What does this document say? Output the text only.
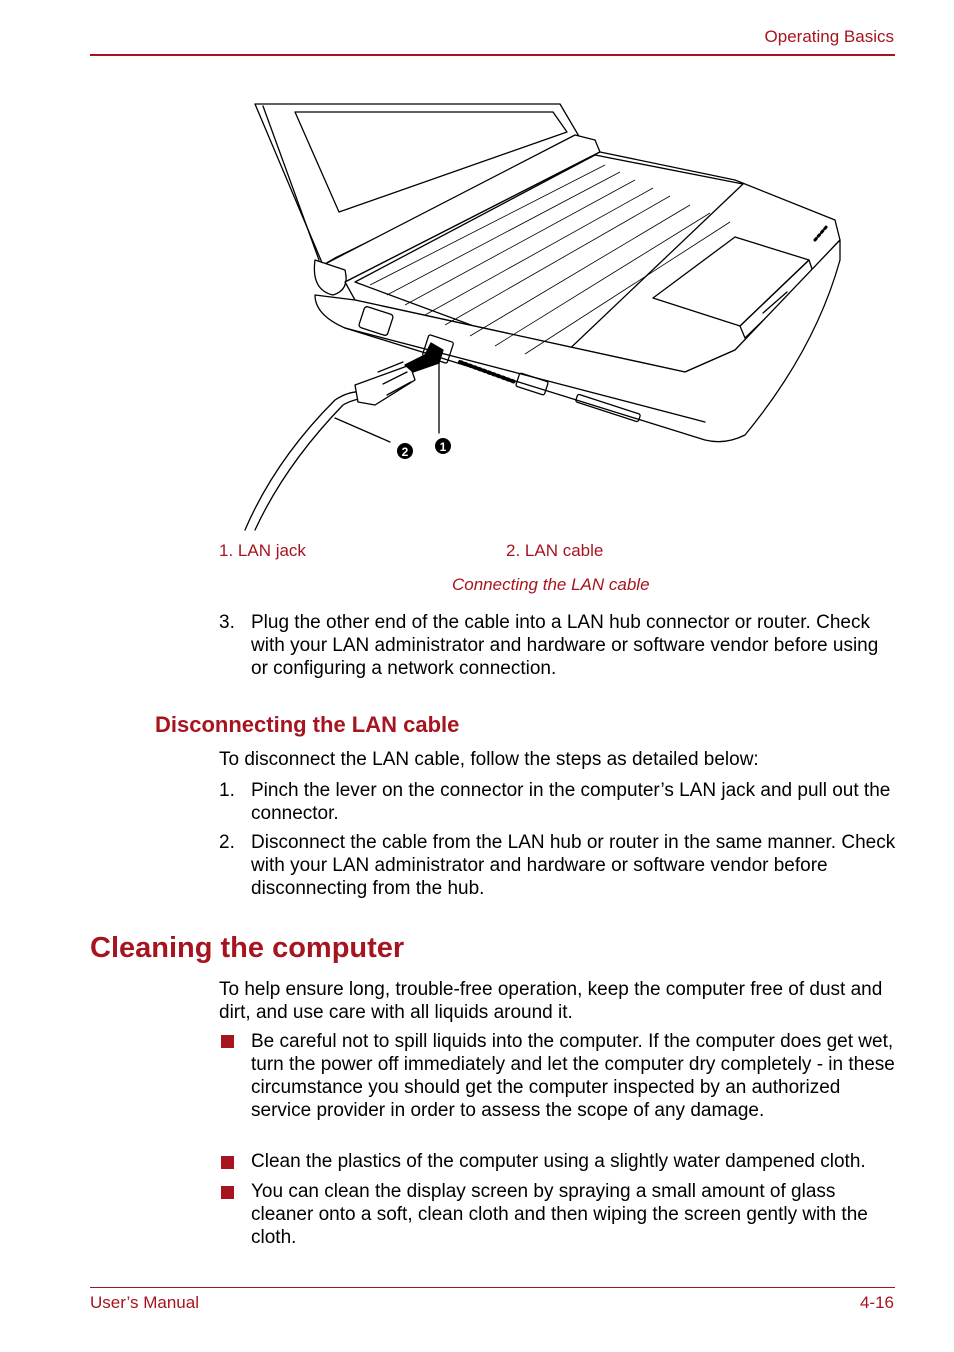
Operating Basics
2	1
1. LAN jack	2. LAN cable
Connecting the LAN cable
3. Plug the other end of the cable into a LAN hub connector or router. Check with your LAN administrator and hardware or software vendor before using or configuring a network connection.
Disconnecting the LAN cable
To disconnect the LAN cable, follow the steps as detailed below:
1. Pinch the lever on the connector in the computer’s LAN jack and pull out the connector.
2. Disconnect the cable from the LAN hub or router in the same manner. Check with your LAN administrator and hardware or software vendor before disconnecting from the hub.
Cleaning the computer
To help ensure long, trouble-free operation, keep the computer free of dust and dirt, and use care with all liquids around it.
Be careful not to spill liquids into the computer. If the computer does get wet, turn the power off immediately and let the computer dry completely - in these circumstance you should get the computer inspected by an authorized service provider in order to assess the scope of any damage.
Clean the plastics of the computer using a slightly water dampened cloth.
You can clean the display screen by spraying a small amount of glass cleaner onto a soft, clean cloth and then wiping the screen gently with the cloth.
User’s Manual	4-16
